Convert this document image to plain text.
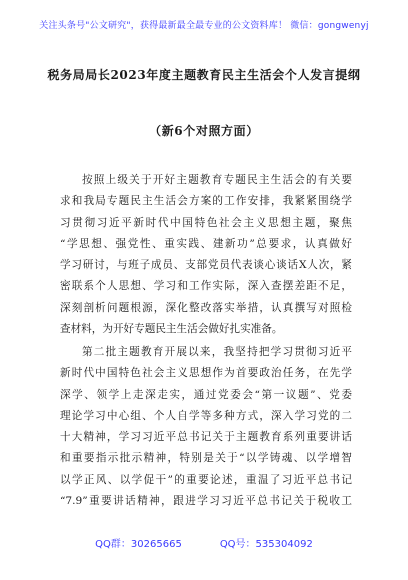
关注头条号"公文研究"，获得最新最全最专业的公文资料库！ 微信：gongwenyj
税务局局长2023年度主题教育民主生活会个人发言提纲
（新6个对照方面）
按照上级关于开好主题教育专题民主生活会的有关要
求和我局专题民主生活会方案的工作安排，我紧紧围绕学
习贯彻习近平新时代中国特色社会主义思想主题，聚焦
“学思想、强党性、重实践、建新功”总要求，认真做好
学习研讨，与班子成员、支部党员代表谈心谈话X人次，紧
密联系个人思想、学习和工作实际，深入查摆差距不足，
深刻剖析问题根源，深化整改落实举措，认真撰写对照检
查材料，为开好专题民主生活会做好扎实准备。
第二批主题教育开展以来，我坚持把学习贯彻习近平
新时代中国特色社会主义思想作为首要政治任务，在先学
深学、领学上走深走实，通过党委会“第一议题”、党委
理论学习中心组、个人自学等多种方式，深入学习党的二
十大精神，学习习近平总书记关于主题教育系列重要讲话
和重要指示批示精神，特别是关于“以学铸魂、以学增智
以学正风、以学促干”的重要论述，重温了习近平总书记
“7.9”重要讲话精神，跟进学习习近平总书记关于税收工
QQ群：30265665	QQ号：535304092
